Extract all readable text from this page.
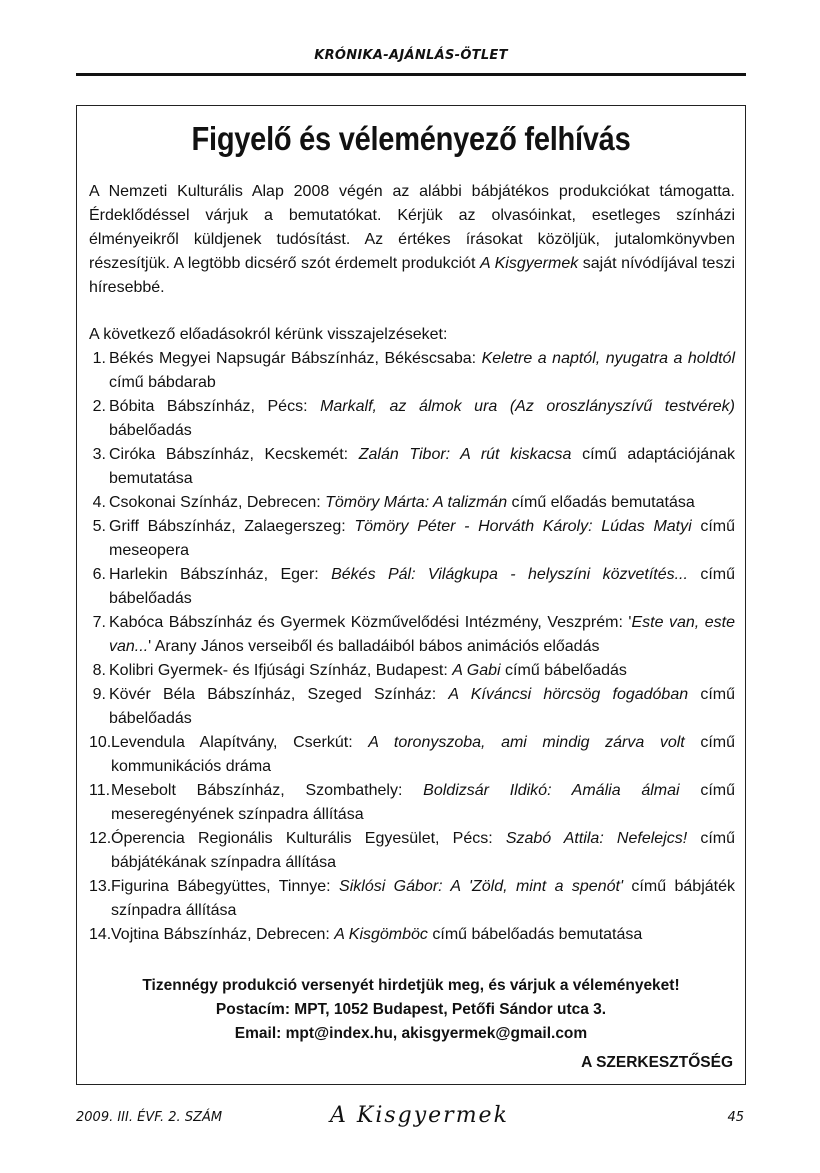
KRÓNIKA-AJÁNLÁS-ÖTLET
Figyelő és véleményező felhívás

A Nemzeti Kulturális Alap 2008 végén az alábbi bábjátékos produkciókat támogatta. Érdeklődéssel várjuk a bemutatókat. Kérjük az olvasóinkat, esetleges színházi élményeikről küldjenek tudósítást. Az értékes írásokat közöljük, jutalomkönyvben részesítjük. A legtöbb dicsérő szót érdemelt produkciót A Kisgyermek saját nívódíjával teszi híresebbé.

A következő előadásokról kérünk visszajelzéseket:

1. Békés Megyei Napsugár Bábszínház, Békéscsaba: Keletre a naptól, nyugatra a holdtól című bábdarab
2. Bóbita Bábszínház, Pécs: Markalf, az álmok ura (Az oroszlányszívű testvérek) bábelőadás
3. Ciróka Bábszínház, Kecskemét: Zalán Tibor: A rút kiskacsa című adaptációjának bemutatása
4. Csokonai Színház, Debrecen: Tömöry Márta: A talizmán című előadás bemutatása
5. Griff Bábszínház, Zalaegerszeg: Tömöry Péter - Horváth Károly: Lúdas Matyi című meseopera
6. Harlekin Bábszínház, Eger: Békés Pál: Világkupa - helyszíni közvetítés... című bábelőadás
7. Kabóca Bábszínház és Gyermek Közművelődési Intézmény, Veszprém: 'Este van, este van...' Arany János verseiből és balladáiból bábos animációs előadás
8. Kolibri Gyermek- és Ifjúsági Színház, Budapest: A Gabi című bábelőadás
9. Kövér Béla Bábszínház, Szeged Színház: A Kíváncsi hörcsög fogadóban című bábelőadás
10. Levendula Alapítvány, Cserkút: A toronyszoba, ami mindig zárva volt című kommunikációs dráma
11. Mesebolt Bábszínház, Szombathely: Boldizsár Ildikó: Amália álmai című meseregényének színpadra állítása
12. Óperencia Regionális Kulturális Egyesület, Pécs: Szabó Attila: Nefelejcs! című bábjátékának színpadra állítása
13. Figurina Bábegyüttes, Tinnye: Siklósi Gábor: A 'Zöld, mint a spenót' című bábjáték színpadra állítása
14. Vojtina Bábszínház, Debrecen: A Kisgömböc című bábelőadás bemutatása
Tizennégy produkció versenyét hirdetjük meg, és várjuk a véleményeket!
Postacím: MPT, 1052 Budapest, Petőfi Sándor utca 3.
Email: mpt@index.hu, akisgyermek@gmail.com
A SZERKESZTŐSÉG
2009. III. ÉVF. 2. SZÁM	A Kisgyermek	45
